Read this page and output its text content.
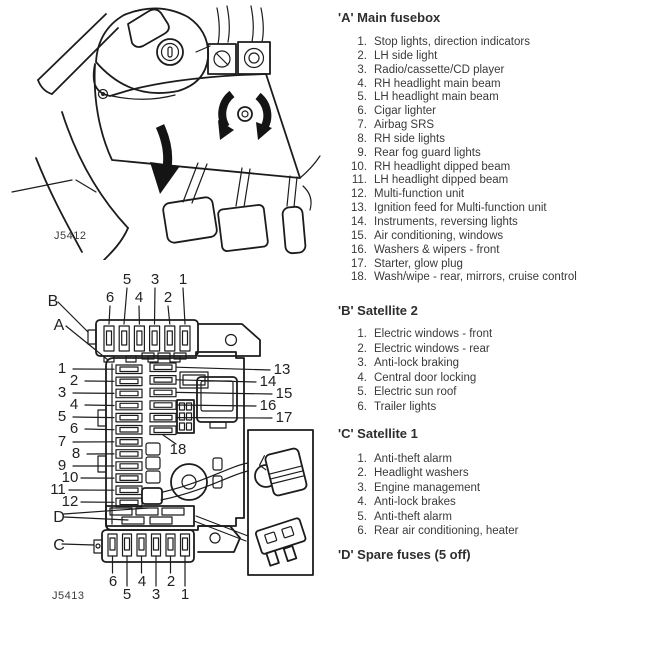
J5412
B
A
5	3	1
6	4	2
1
2
3
4
5
6
7
8
9
10
11
12
13
14
15
16
17
18
D
C
6	4	2
5	3	1
J5413
'A' Main fusebox
1. Stop lights, direction indicators
2. LH side light
3. Radio/cassette/CD player
4. RH headlight main beam
5. LH headlight main beam
6. Cigar lighter
7. Airbag SRS
8. RH side lights
9. Rear fog guard lights
10. RH headlight dipped beam
11. LH headlight dipped beam
12. Multi-function unit
13. Ignition feed for Multi-function unit
14. Instruments, reversing lights
15. Air conditioning, windows
16. Washers & wipers - front
17. Starter, glow plug
18. Wash/wipe - rear, mirrors, cruise control
'B' Satellite 2
1. Electric windows - front
2. Electric windows - rear
3. Anti-lock braking
4. Central door locking
5. Electric sun roof
6. Trailer lights
'C' Satellite 1
1. Anti-theft alarm
2. Headlight washers
3. Engine management
4. Anti-lock brakes
5. Anti-theft alarm
6. Rear air conditioning, heater
'D' Spare fuses (5 off)
